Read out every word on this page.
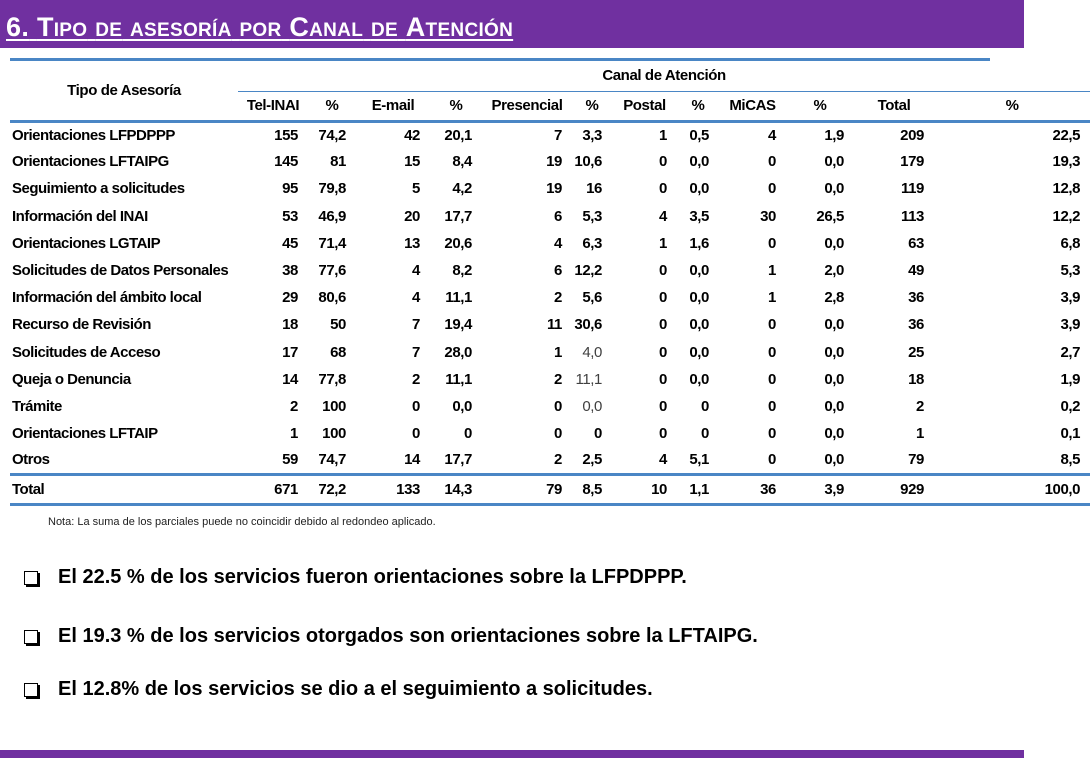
6. Tipo de asesoría por Canal de Atención
Tipo de Asesoría	Canal de Atención											
	Tel-INAI	%	E-mail	%	Presencial	%	Postal	%	MiCAS	%	Total	%
Orientaciones LFPDPPP	155	74,2	42	20,1	7	3,3	1	0,5	4	1,9	209	22,5
Orientaciones LFTAIPG	145	81	15	8,4	19	10,6	0	0,0	0	0,0	179	19,3
Seguimiento a solicitudes	95	79,8	5	4,2	19	16	0	0,0	0	0,0	119	12,8
Información del INAI	53	46,9	20	17,7	6	5,3	4	3,5	30	26,5	113	12,2
Orientaciones LGTAIP	45	71,4	13	20,6	4	6,3	1	1,6	0	0,0	63	6,8
Solicitudes de Datos Personales	38	77,6	4	8,2	6	12,2	0	0,0	1	2,0	49	5,3
Información del ámbito local	29	80,6	4	11,1	2	5,6	0	0,0	1	2,8	36	3,9
Recurso de Revisión	18	50	7	19,4	11	30,6	0	0,0	0	0,0	36	3,9
Solicitudes de Acceso	17	68	7	28,0	1	4,0	0	0,0	0	0,0	25	2,7
Queja o Denuncia	14	77,8	2	11,1	2	11,1	0	0,0	0	0,0	18	1,9
Trámite	2	100	0	0,0	0	0,0	0	0	0	0,0	2	0,2
Orientaciones LFTAIP	1	100	0	0	0	0	0	0	0	0,0	1	0,1
Otros	59	74,7	14	17,7	2	2,5	4	5,1	0	0,0	79	8,5
Total	671	72,2	133	14,3	79	8,5	10	1,1	36	3,9	929	100,0
Nota: La suma de los parciales puede no coincidir debido al redondeo aplicado.
El 22.5 % de los servicios fueron orientaciones sobre la LFPDPPP.
El 19.3 % de los servicios otorgados son orientaciones sobre la LFTAIPG.
El 12.8% de los servicios se dio a el seguimiento a solicitudes.
